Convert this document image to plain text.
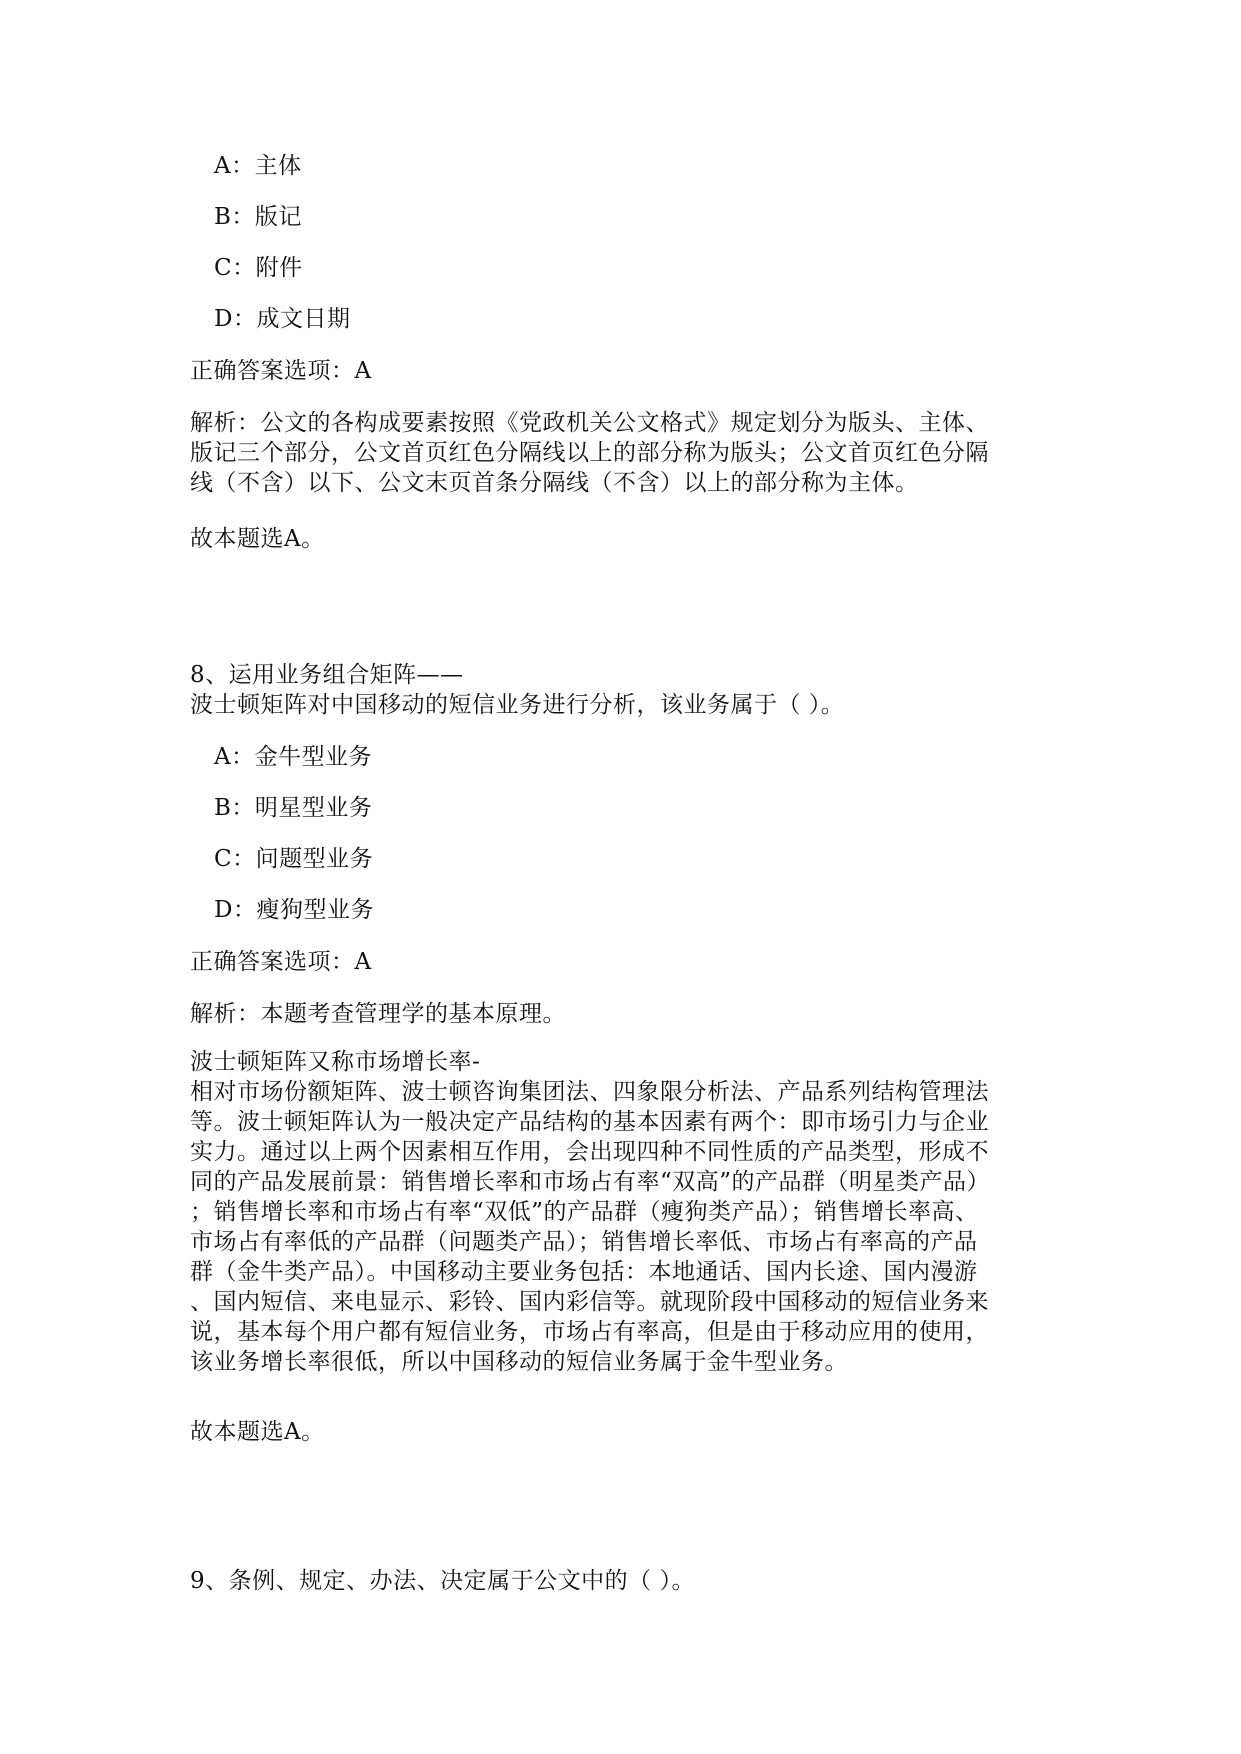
A：主体
B：版记
C：附件
D：成文日期
正确答案选项：A
解析：公文的各构成要素按照《党政机关公文格式》规定划分为版头、主体、
版记三个部分，公文首页红色分隔线以上的部分称为版头；公文首页红色分隔
线（不含）以下、公文末页首条分隔线（不含）以上的部分称为主体。
故本题选A。
8、运用业务组合矩阵——
波士顿矩阵对中国移动的短信业务进行分析，该业务属于（ ）。
A：金牛型业务
B：明星型业务
C：问题型业务
D：瘦狗型业务
正确答案选项：A
解析：本题考查管理学的基本原理。
波士顿矩阵又称市场增长率-
相对市场份额矩阵、波士顿咨询集团法、四象限分析法、产品系列结构管理法
等。波士顿矩阵认为一般决定产品结构的基本因素有两个：即市场引力与企业
实力。通过以上两个因素相互作用，会出现四种不同性质的产品类型，形成不
同的产品发展前景：销售增长率和市场占有率“双高”的产品群（明星类产品）
；销售增长率和市场占有率“双低”的产品群（瘦狗类产品）；销售增长率高、
市场占有率低的产品群（问题类产品）；销售增长率低、市场占有率高的产品
群（金牛类产品）。中国移动主要业务包括：本地通话、国内长途、国内漫游
、国内短信、来电显示、彩铃、国内彩信等。就现阶段中国移动的短信业务来
说，基本每个用户都有短信业务，市场占有率高，但是由于移动应用的使用，
该业务增长率很低，所以中国移动的短信业务属于金牛型业务。
故本题选A。
9、条例、规定、办法、决定属于公文中的（ ）。
